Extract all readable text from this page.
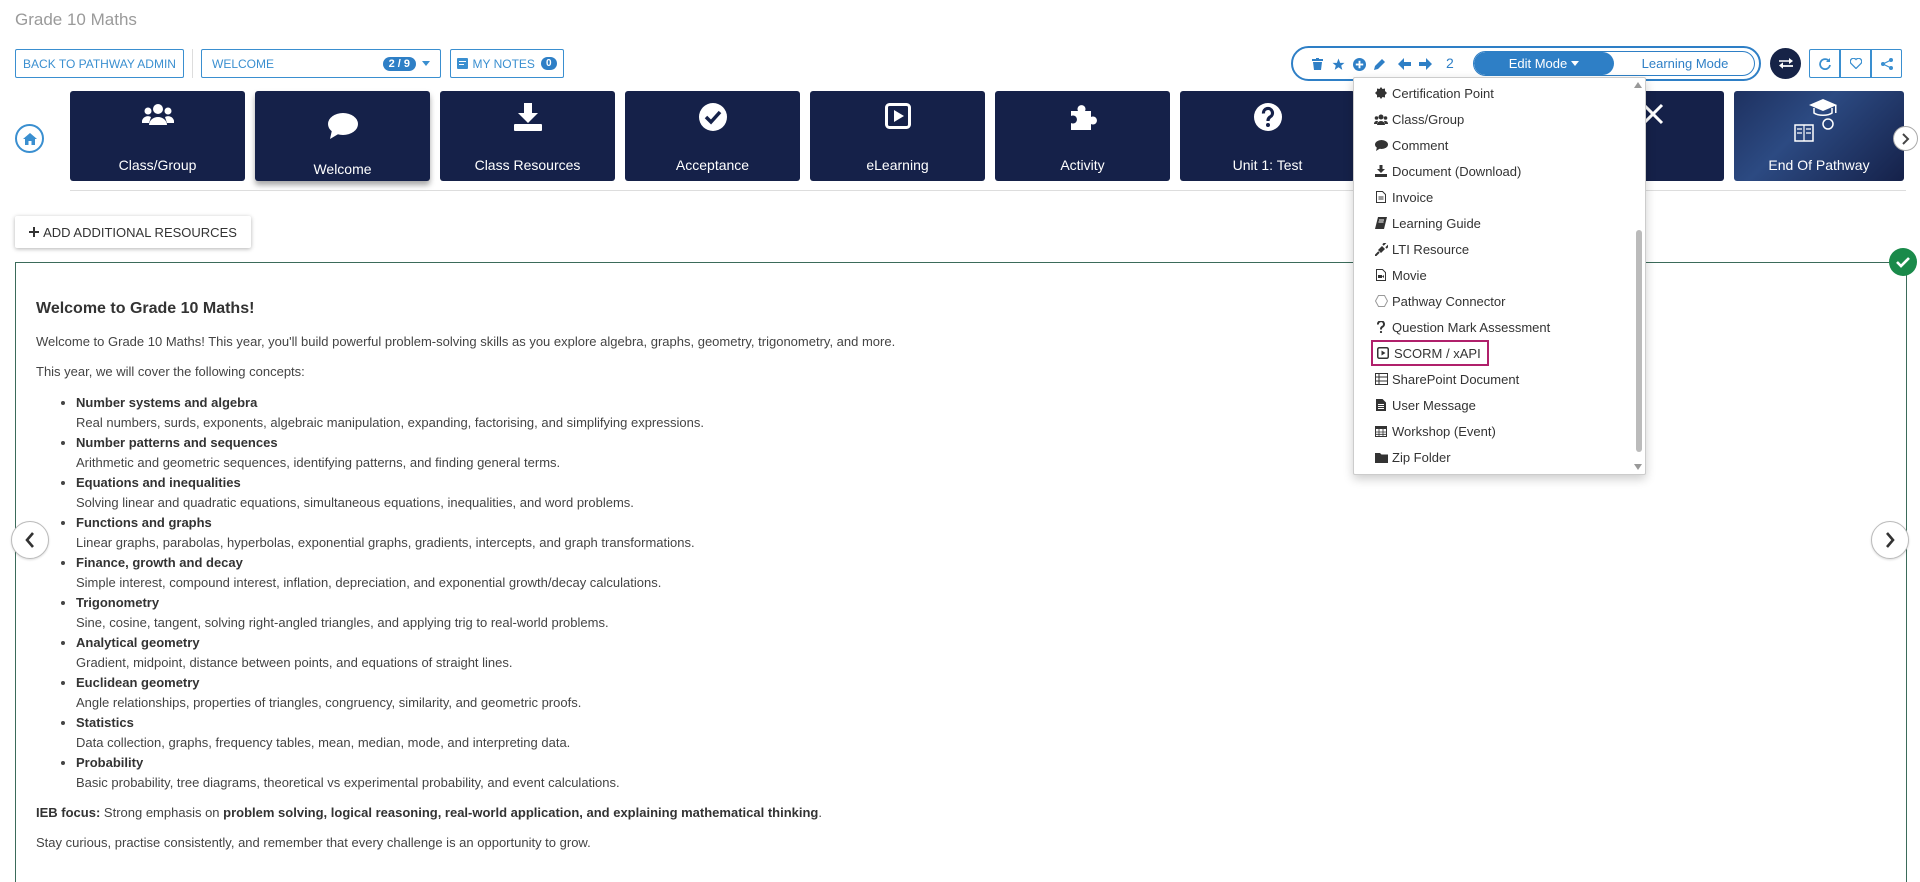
Grade 10 Maths
BACK TO PATHWAY ADMIN	WELCOME	2 / 9	MY NOTES	0	2	Edit Mode	Learning Mode
Class/Group	Welcome	Class Resources	Acceptance	eLearning	Activity	Unit 1: Test	End Of Pathway
ADD ADDITIONAL RESOURCES
Welcome to Grade 10 Maths!
Welcome to Grade 10 Maths! This year, you'll build powerful problem-solving skills as you explore algebra, graphs, geometry, trigonometry, and more.
This year, we will cover the following concepts:
• Number systems and algebra
Real numbers, surds, exponents, algebraic manipulation, expanding, factorising, and simplifying expressions.
• Number patterns and sequences
Arithmetic and geometric sequences, identifying patterns, and finding general terms.
• Equations and inequalities
Solving linear and quadratic equations, simultaneous equations, inequalities, and word problems.
• Functions and graphs
Linear graphs, parabolas, hyperbolas, exponential graphs, gradients, intercepts, and graph transformations.
• Finance, growth and decay
Simple interest, compound interest, inflation, depreciation, and exponential growth/decay calculations.
• Trigonometry
Sine, cosine, tangent, solving right-angled triangles, and applying trig to real-world problems.
• Analytical geometry
Gradient, midpoint, distance between points, and equations of straight lines.
• Euclidean geometry
Angle relationships, properties of triangles, congruency, similarity, and geometric proofs.
• Statistics
Data collection, graphs, frequency tables, mean, median, mode, and interpreting data.
• Probability
Basic probability, tree diagrams, theoretical vs experimental probability, and event calculations.
IEB focus: Strong emphasis on problem solving, logical reasoning, real-world application, and explaining mathematical thinking.
Stay curious, practise consistently, and remember that every challenge is an opportunity to grow.
Certification Point
Class/Group
Comment
Document (Download)
Invoice
Learning Guide
LTI Resource
Movie
Pathway Connector
Question Mark Assessment
SCORM / xAPI
SharePoint Document
User Message
Workshop (Event)
Zip Folder
